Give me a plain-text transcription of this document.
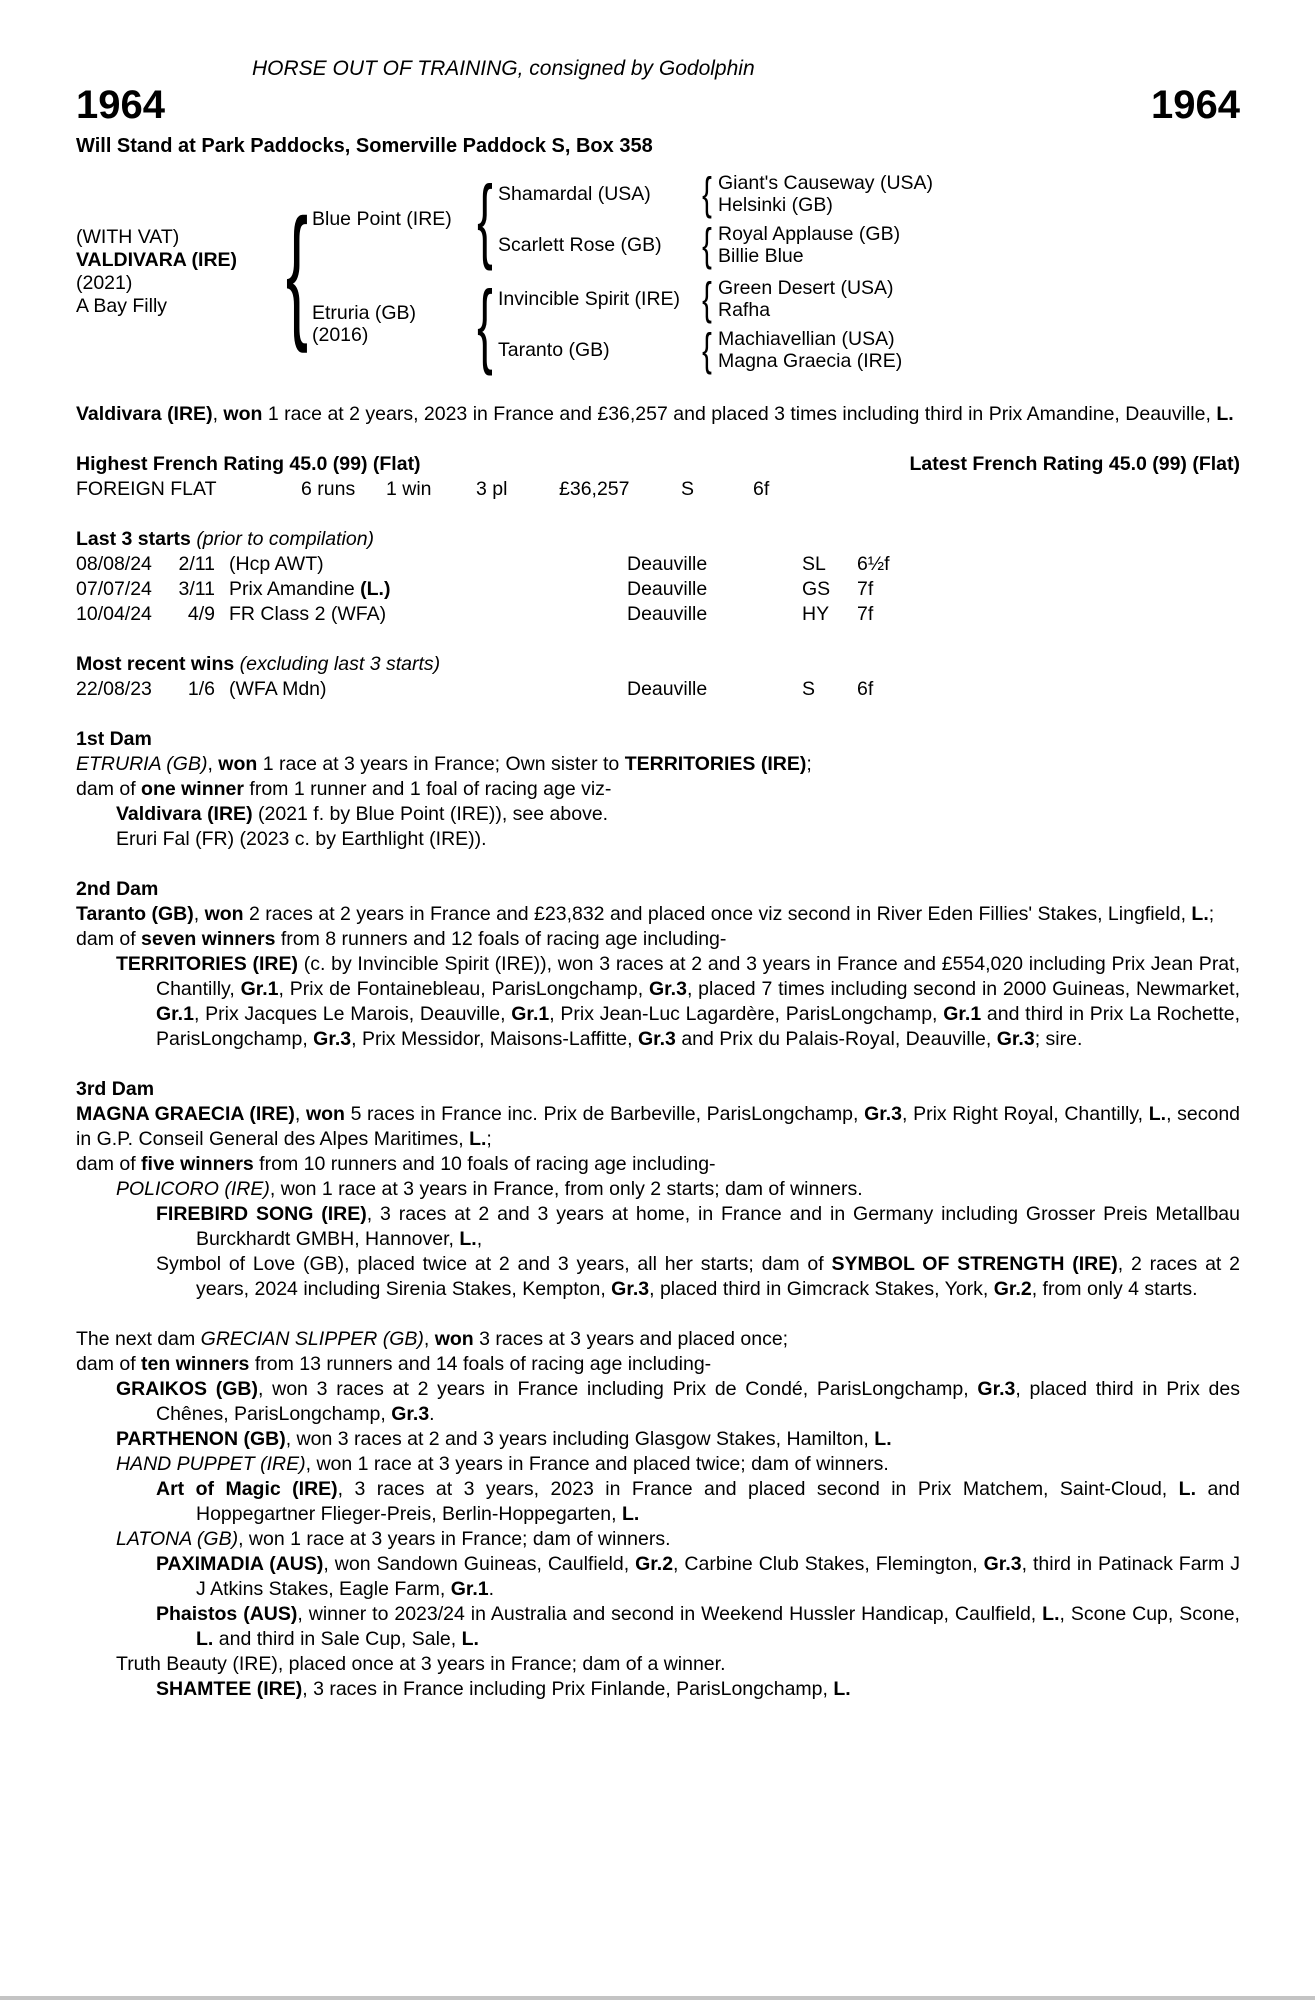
HORSE OUT OF TRAINING, consigned by Godolphin
1964	1964
Will Stand at Park Paddocks, Somerville Paddock S, Box 358
(WITH VAT)
VALDIVARA (IRE)
(2021)
A Bay Filly { Blue Point (IRE) { Shamardal (USA)	{ Giant's Causeway (USA)
Helsinki (GB)
Scarlett Rose (GB) { Royal Applause (GB)
Billie Blue
Etruria (GB)
(2016)	{ Invincible Spirit (IRE) { Green Desert (USA)
Rafha
Taranto (GB)	{ Machiavellian (USA)
Magna Graecia (IRE)

Valdivara (IRE), won 1 race at 2 years, 2023 in France and £36,257 and placed 3 times including third in Prix Amandine, Deauville, L.

Highest French Rating 45.0 (99) (Flat)	Latest French Rating 45.0 (99) (Flat)
FOREIGN FLAT	6 runs	1 win	3 pl	£36,257	S	6f

Last 3 starts (prior to compilation)

08/08/24	2/11 (Hcp AWT)	Deauville	SL	6½f
07/07/24	3/11 Prix Amandine (L.)	Deauville	GS	7f
10/04/24	4/9 FR Class 2 (WFA)	Deauville	HY	7f

Most recent wins (excluding last 3 starts)

22/08/23	1/6 (WFA Mdn)	Deauville	S	6f
1st Dam

ETRURIA (GB), won 1 race at 3 years in France; Own sister to TERRITORIES (IRE);

dam of one winner from 1 runner and 1 foal of racing age viz-

Valdivara (IRE) (2021 f. by Blue Point (IRE)), see above.

Eruri Fal (FR) (2023 c. by Earthlight (IRE)).

2nd Dam

Taranto (GB), won 2 races at 2 years in France and £23,832 and placed once viz second in River Eden Fillies' Stakes, Lingfield, L.;

dam of seven winners from 8 runners and 12 foals of racing age including-

TERRITORIES (IRE) (c. by Invincible Spirit (IRE)), won 3 races at 2 and 3 years in France and £554,020 including Prix Jean Prat, Chantilly, Gr.1, Prix de Fontainebleau, ParisLongchamp, Gr.3, placed 7 times including second in 2000 Guineas, Newmarket, Gr.1, Prix Jacques Le Marois, Deauville, Gr.1, Prix Jean-Luc Lagardère, ParisLongchamp, Gr.1 and third in Prix La Rochette, ParisLongchamp, Gr.3, Prix Messidor, Maisons-Laffitte, Gr.3 and Prix du Palais-Royal, Deauville, Gr.3; sire.

3rd Dam

MAGNA GRAECIA (IRE), won 5 races in France inc. Prix de Barbeville, ParisLongchamp, Gr.3, Prix Right Royal, Chantilly, L., second in G.P. Conseil General des Alpes Maritimes, L.;

dam of five winners from 10 runners and 10 foals of racing age including-

POLICORO (IRE), won 1 race at 3 years in France, from only 2 starts; dam of winners.

FIREBIRD SONG (IRE), 3 races at 2 and 3 years at home, in France and in Germany including Grosser Preis Metallbau Burckhardt GMBH, Hannover, L.,

Symbol of Love (GB), placed twice at 2 and 3 years, all her starts; dam of SYMBOL OF STRENGTH (IRE), 2 races at 2 years, 2024 including Sirenia Stakes, Kempton, Gr.3, placed third in Gimcrack Stakes, York, Gr.2, from only 4 starts.

The next dam GRECIAN SLIPPER (GB), won 3 races at 3 years and placed once;

dam of ten winners from 13 runners and 14 foals of racing age including-

GRAIKOS (GB), won 3 races at 2 years in France including Prix de Condé, ParisLongchamp, Gr.3, placed third in Prix des Chênes, ParisLongchamp, Gr.3.

PARTHENON (GB), won 3 races at 2 and 3 years including Glasgow Stakes, Hamilton, L.

HAND PUPPET (IRE), won 1 race at 3 years in France and placed twice; dam of winners.

Art of Magic (IRE), 3 races at 3 years, 2023 in France and placed second in Prix Matchem, Saint-Cloud, L. and Hoppegartner Flieger-Preis, Berlin-Hoppegarten, L.

LATONA (GB), won 1 race at 3 years in France; dam of winners.

PAXIMADIA (AUS), won Sandown Guineas, Caulfield, Gr.2, Carbine Club Stakes, Flemington, Gr.3, third in Patinack Farm J J Atkins Stakes, Eagle Farm, Gr.1.

Phaistos (AUS), winner to 2023/24 in Australia and second in Weekend Hussler Handicap, Caulfield, L., Scone Cup, Scone, L. and third in Sale Cup, Sale, L.

Truth Beauty (IRE), placed once at 3 years in France; dam of a winner.

SHAMTEE (IRE), 3 races in France including Prix Finlande, ParisLongchamp, L.
